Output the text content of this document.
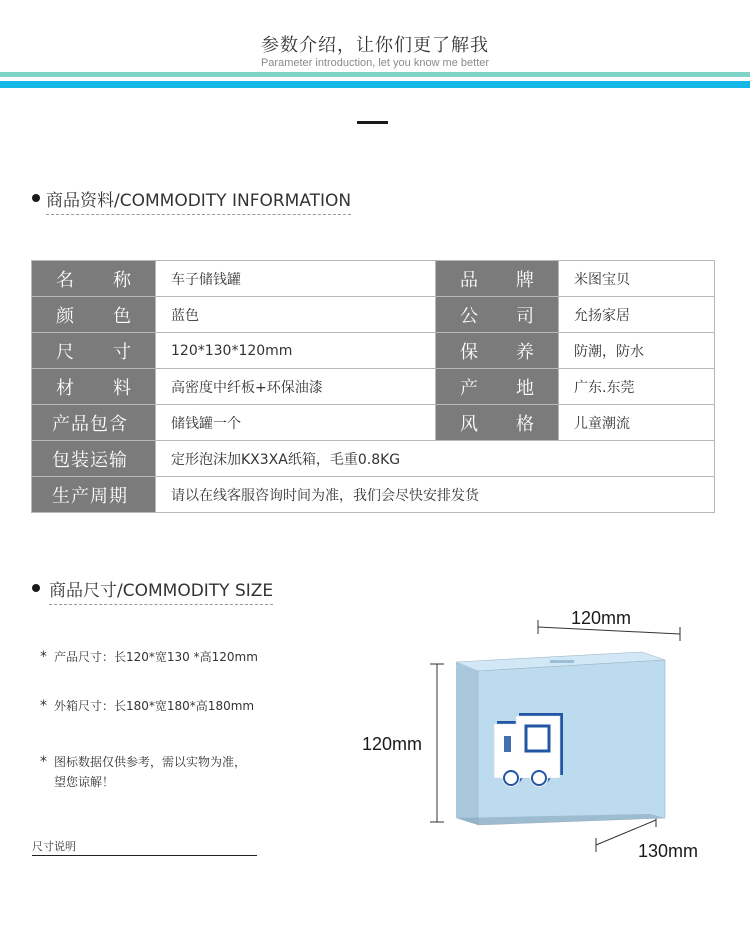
参数介绍，让你们更了解我
Parameter introduction, let you know me better
商品资料/COMMODITY INFORMATION
名 称	车子储钱罐	品 牌	米图宝贝

颜 色	蓝色	公 司	允扬家居

尺 寸	120*130*120mm	保 养	防潮，防水

材 料	高密度中纤板+环保油漆	产 地	广东.东莞

产品包含	储钱罐一个	风 格	儿童潮流

包装运输	定形泡沫加KX3XA纸箱，毛重0.8KG		

生产周期	请以在线客服咨询时间为准，我们会尽快安排发货		
商品尺寸/COMMODITY SIZE
* 产品尺寸：长120*宽130 *高120mm
* 外箱尺寸：长180*宽180*高180mm
* 图标数据仅供参考，需以实物为准，
望您谅解！
尺寸说明
120mm
120mm
130mm
